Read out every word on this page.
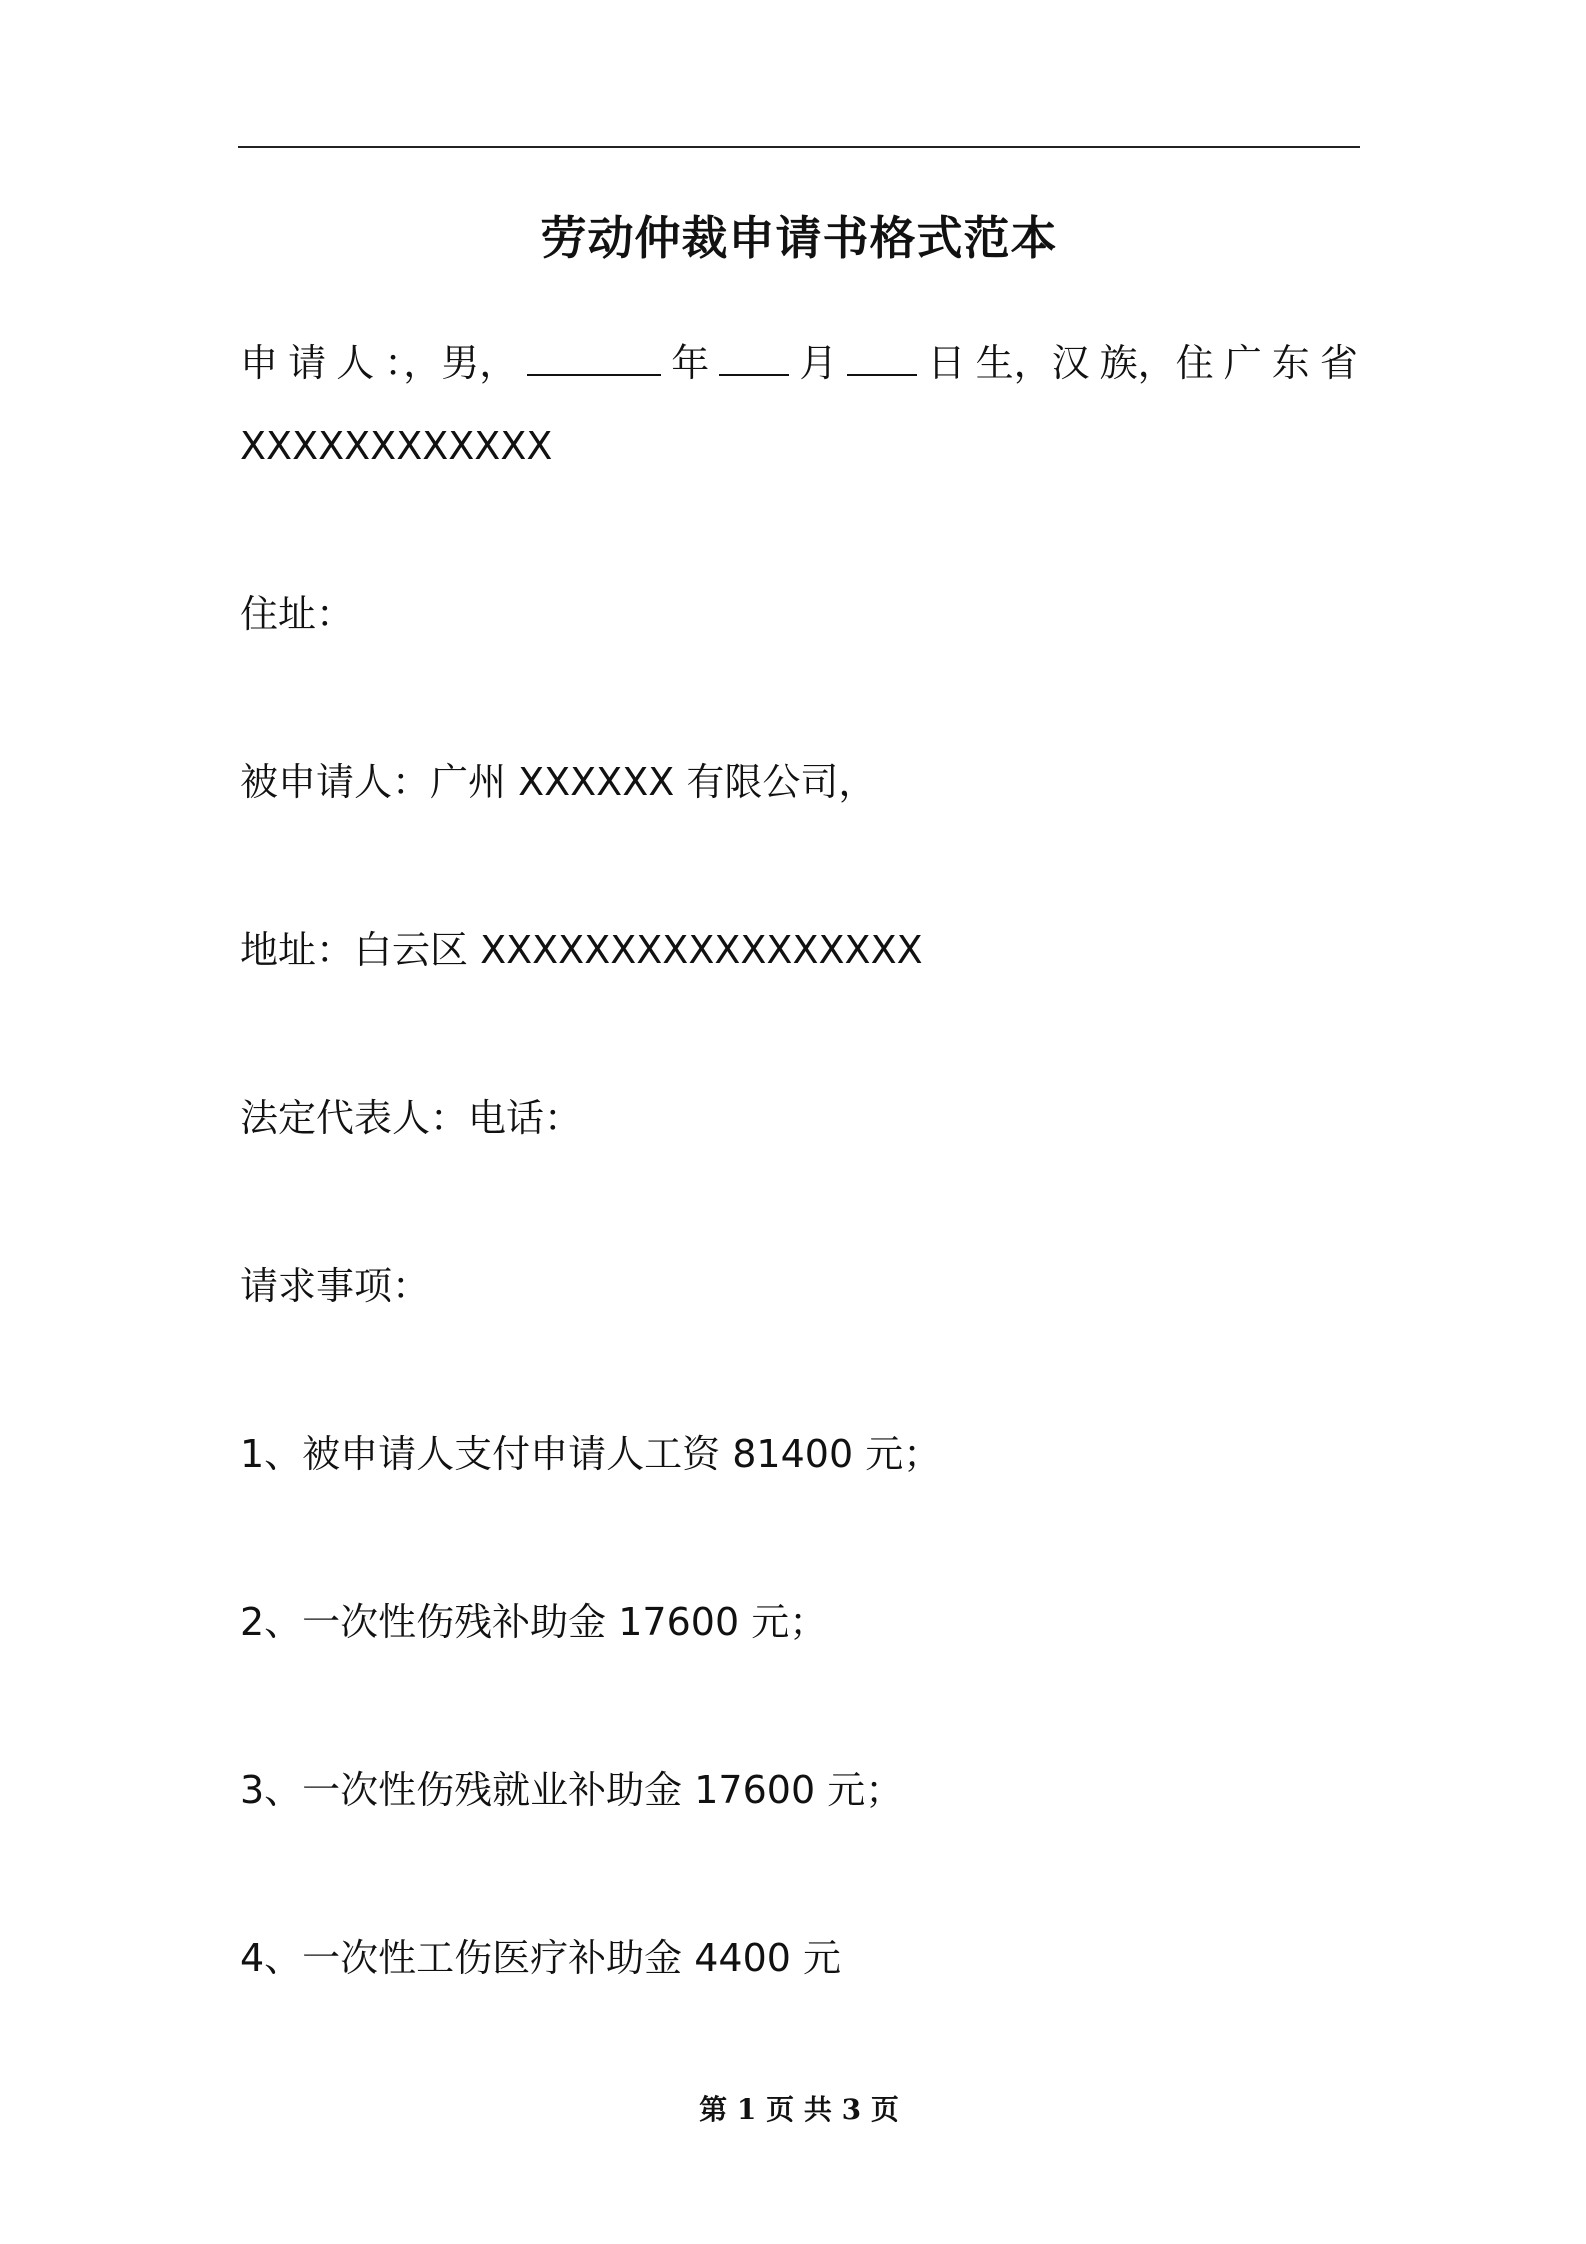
劳动仲裁申请书格式范本
申 请 人 ：，男，	年 月 日 生，汉 族，住 广 东 省
XXXXXXXXXXXX
住址：
被申请人：广州 XXXXXX 有限公司，
地址：白云区 XXXXXXXXXXXXXXXXX
法定代表人：电话：
请求事项：
1、被申请人支付申请人工资 81400 元；
2、一次性伤残补助金 17600 元；
3、一次性伤残就业补助金 17600 元；
4、一次性工伤医疗补助金 4400 元
第 1 页 共 3 页
